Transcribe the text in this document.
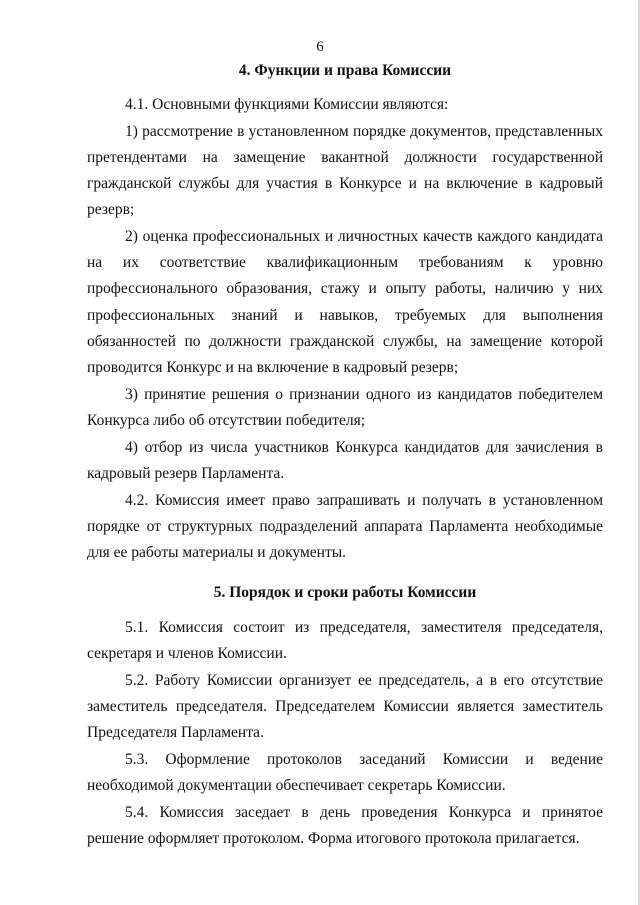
6
4. Функции и права Комиссии

4.1. Основными функциями Комиссии являются:

1) рассмотрение в установленном порядке документов, представленных претендентами на замещение вакантной должности государственной гражданской службы для участия в Конкурсе и на включение в кадровый резерв;

2) оценка профессиональных и личностных качеств каждого кандидата на их соответствие квалификационным требованиям к уровню профессионального образования, стажу и опыту работы, наличию у них профессиональных знаний и навыков, требуемых для выполнения обязанностей по должности гражданской службы, на замещение которой проводится Конкурс и на включение в кадровый резерв;

3) принятие решения о признании одного из кандидатов победителем Конкурса либо об отсутствии победителя;

4) отбор из числа участников Конкурса кандидатов для зачисления в кадровый резерв Парламента.

4.2. Комиссия имеет право запрашивать и получать в установленном порядке от структурных подразделений аппарата Парламента необходимые для ее работы материалы и документы.

5. Порядок и сроки работы Комиссии

5.1. Комиссия состоит из председателя, заместителя председателя, секретаря и членов Комиссии.

5.2. Работу Комиссии организует ее председатель, а в его отсутствие заместитель председателя. Председателем Комиссии является заместитель Председателя Парламента.

5.3. Оформление протоколов заседаний Комиссии и ведение необходимой документации обеспечивает секретарь Комиссии.

5.4. Комиссия заседает в день проведения Конкурса и принятое решение оформляет протоколом. Форма итогового протокола прилагается.
